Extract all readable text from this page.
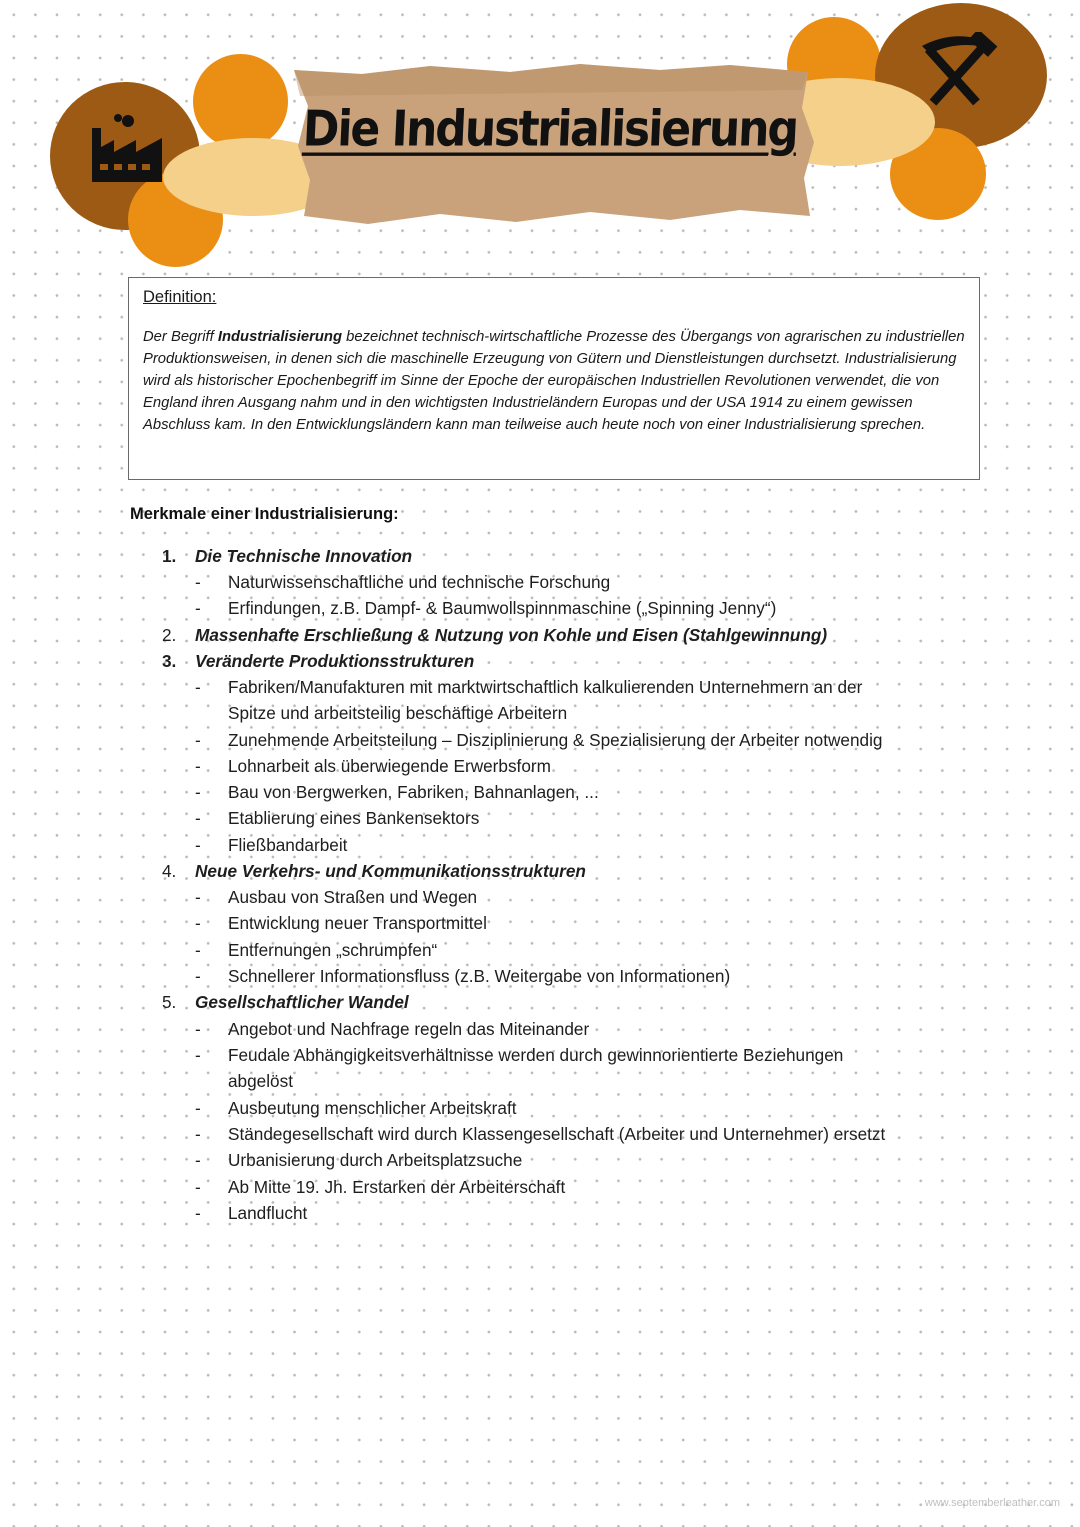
Die Industrialisierung
Definition:
Der Begriff Industrialisierung bezeichnet technisch-wirtschaftliche Prozesse des Übergangs von agrarischen zu industriellen Produktionsweisen, in denen sich die maschinelle Erzeugung von Gütern und Dienstleistungen durchsetzt. Industrialisierung wird als historischer Epochenbegriff im Sinne der Epoche der europäischen Industriellen Revolutionen verwendet, die von England ihren Ausgang nahm und in den wichtigsten Industrieländern Europas und der USA 1914 zu einem gewissen Abschluss kam. In den Entwicklungsländern kann man teilweise auch heute noch von einer Industrialisierung sprechen.
Merkmale einer Industrialisierung:
1. Die Technische Innovation
- Naturwissenschaftliche und technische Forschung
- Erfindungen, z.B. Dampf- & Baumwollspinnmaschine („Spinning Jenny“)
2. Massenhafte Erschließung & Nutzung von Kohle und Eisen (Stahlgewinnung)
3. Veränderte Produktionsstrukturen
- Fabriken/Manufakturen mit marktwirtschaftlich kalkulierenden Unternehmern an der
Spitze und arbeitsteilig beschäftige Arbeitern
- Zunehmende Arbeitsteilung – Disziplinierung & Spezialisierung der Arbeiter notwendig
- Lohnarbeit als überwiegende Erwerbsform
- Bau von Bergwerken, Fabriken, Bahnanlagen, ...
- Etablierung eines Bankensektors
- Fließbandarbeit
4. Neue Verkehrs- und Kommunikationsstrukturen
- Ausbau von Straßen und Wegen
- Entwicklung neuer Transportmittel
- Entfernungen „schrumpfen“
- Schnellerer Informationsfluss (z.B. Weitergabe von Informationen)
5. Gesellschaftlicher Wandel
- Angebot und Nachfrage regeln das Miteinander
- Feudale Abhängigkeitsverhältnisse werden durch gewinnorientierte Beziehungen
abgelöst
- Ausbeutung menschlicher Arbeitskraft
- Ständegesellschaft wird durch Klassengesellschaft (Arbeiter und Unternehmer) ersetzt
- Urbanisierung durch Arbeitsplatzsuche
- Ab Mitte 19. Jh. Erstarken der Arbeiterschaft
- Landflucht
www.septemberleather.com
